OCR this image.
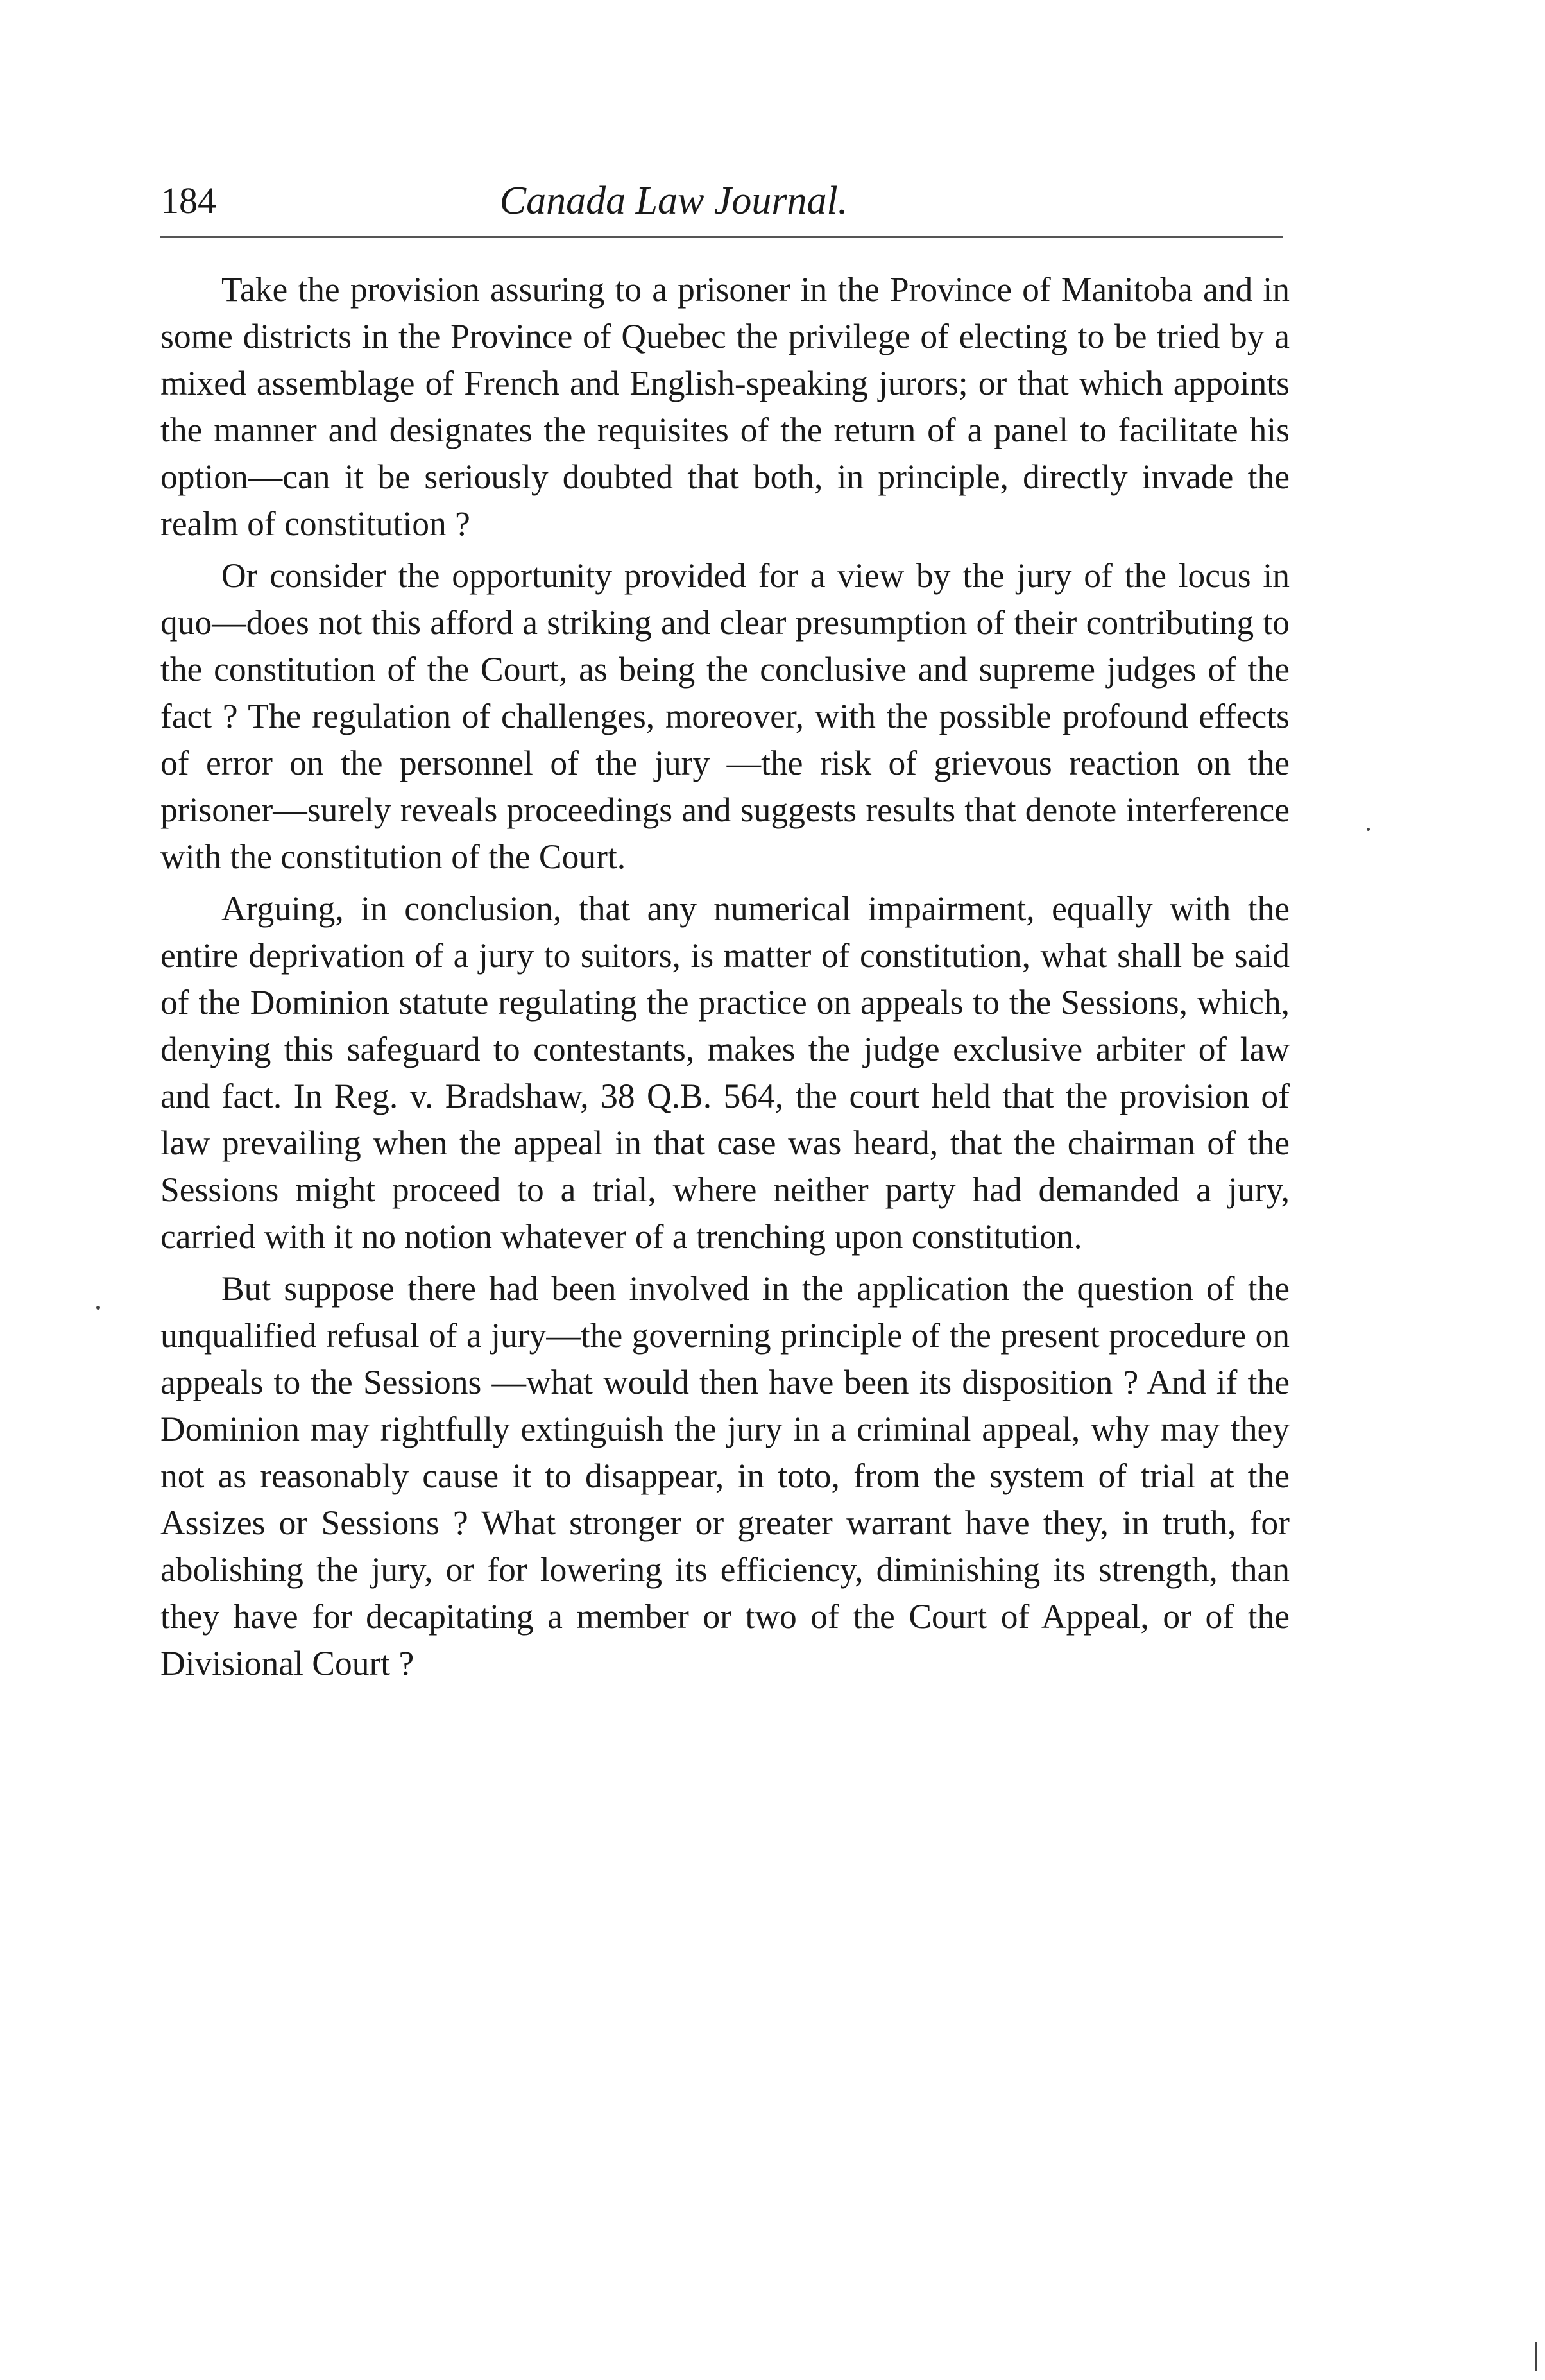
184	Canada Law Journal.

Take the provision assuring to a prisoner in the Province of Manitoba and in some districts in the Province of Quebec the privilege of electing to be tried by a mixed assemblage of French and English-speaking jurors; or that which appoints the manner and designates the requisites of the return of a panel to facilitate his option—can it be seriously doubted that both, in principle, directly invade the realm of constitution ?

Or consider the opportunity provided for a view by the jury of the locus in quo—does not this afford a striking and clear presumption of their contributing to the constitution of the Court, as being the conclusive and supreme judges of the fact ? The regulation of challenges, moreover, with the possible profound effects of error on the personnel of the jury —the risk of grievous reaction on the prisoner—surely reveals proceedings and suggests results that denote interference with the constitution of the Court.

Arguing, in conclusion, that any numerical impairment, equally with the entire deprivation of a jury to suitors, is matter of constitution, what shall be said of the Dominion statute regulating the practice on appeals to the Sessions, which, denying this safeguard to contestants, makes the judge exclusive arbiter of law and fact. In Reg. v. Bradshaw, 38 Q.B. 564, the court held that the provision of law prevailing when the appeal in that case was heard, that the chairman of the Sessions might proceed to a trial, where neither party had demanded a jury, carried with it no notion whatever of a trenching upon constitution.

But suppose there had been involved in the application the question of the unqualified refusal of a jury—the governing principle of the present procedure on appeals to the Sessions —what would then have been its disposition ? And if the Dominion may rightfully extinguish the jury in a criminal appeal, why may they not as reasonably cause it to disappear, in toto, from the system of trial at the Assizes or Sessions ? What stronger or greater warrant have they, in truth, for abolishing the jury, or for lowering its efficiency, diminishing its strength, than they have for decapitating a member or two of the Court of Appeal, or of the Divisional Court ?
